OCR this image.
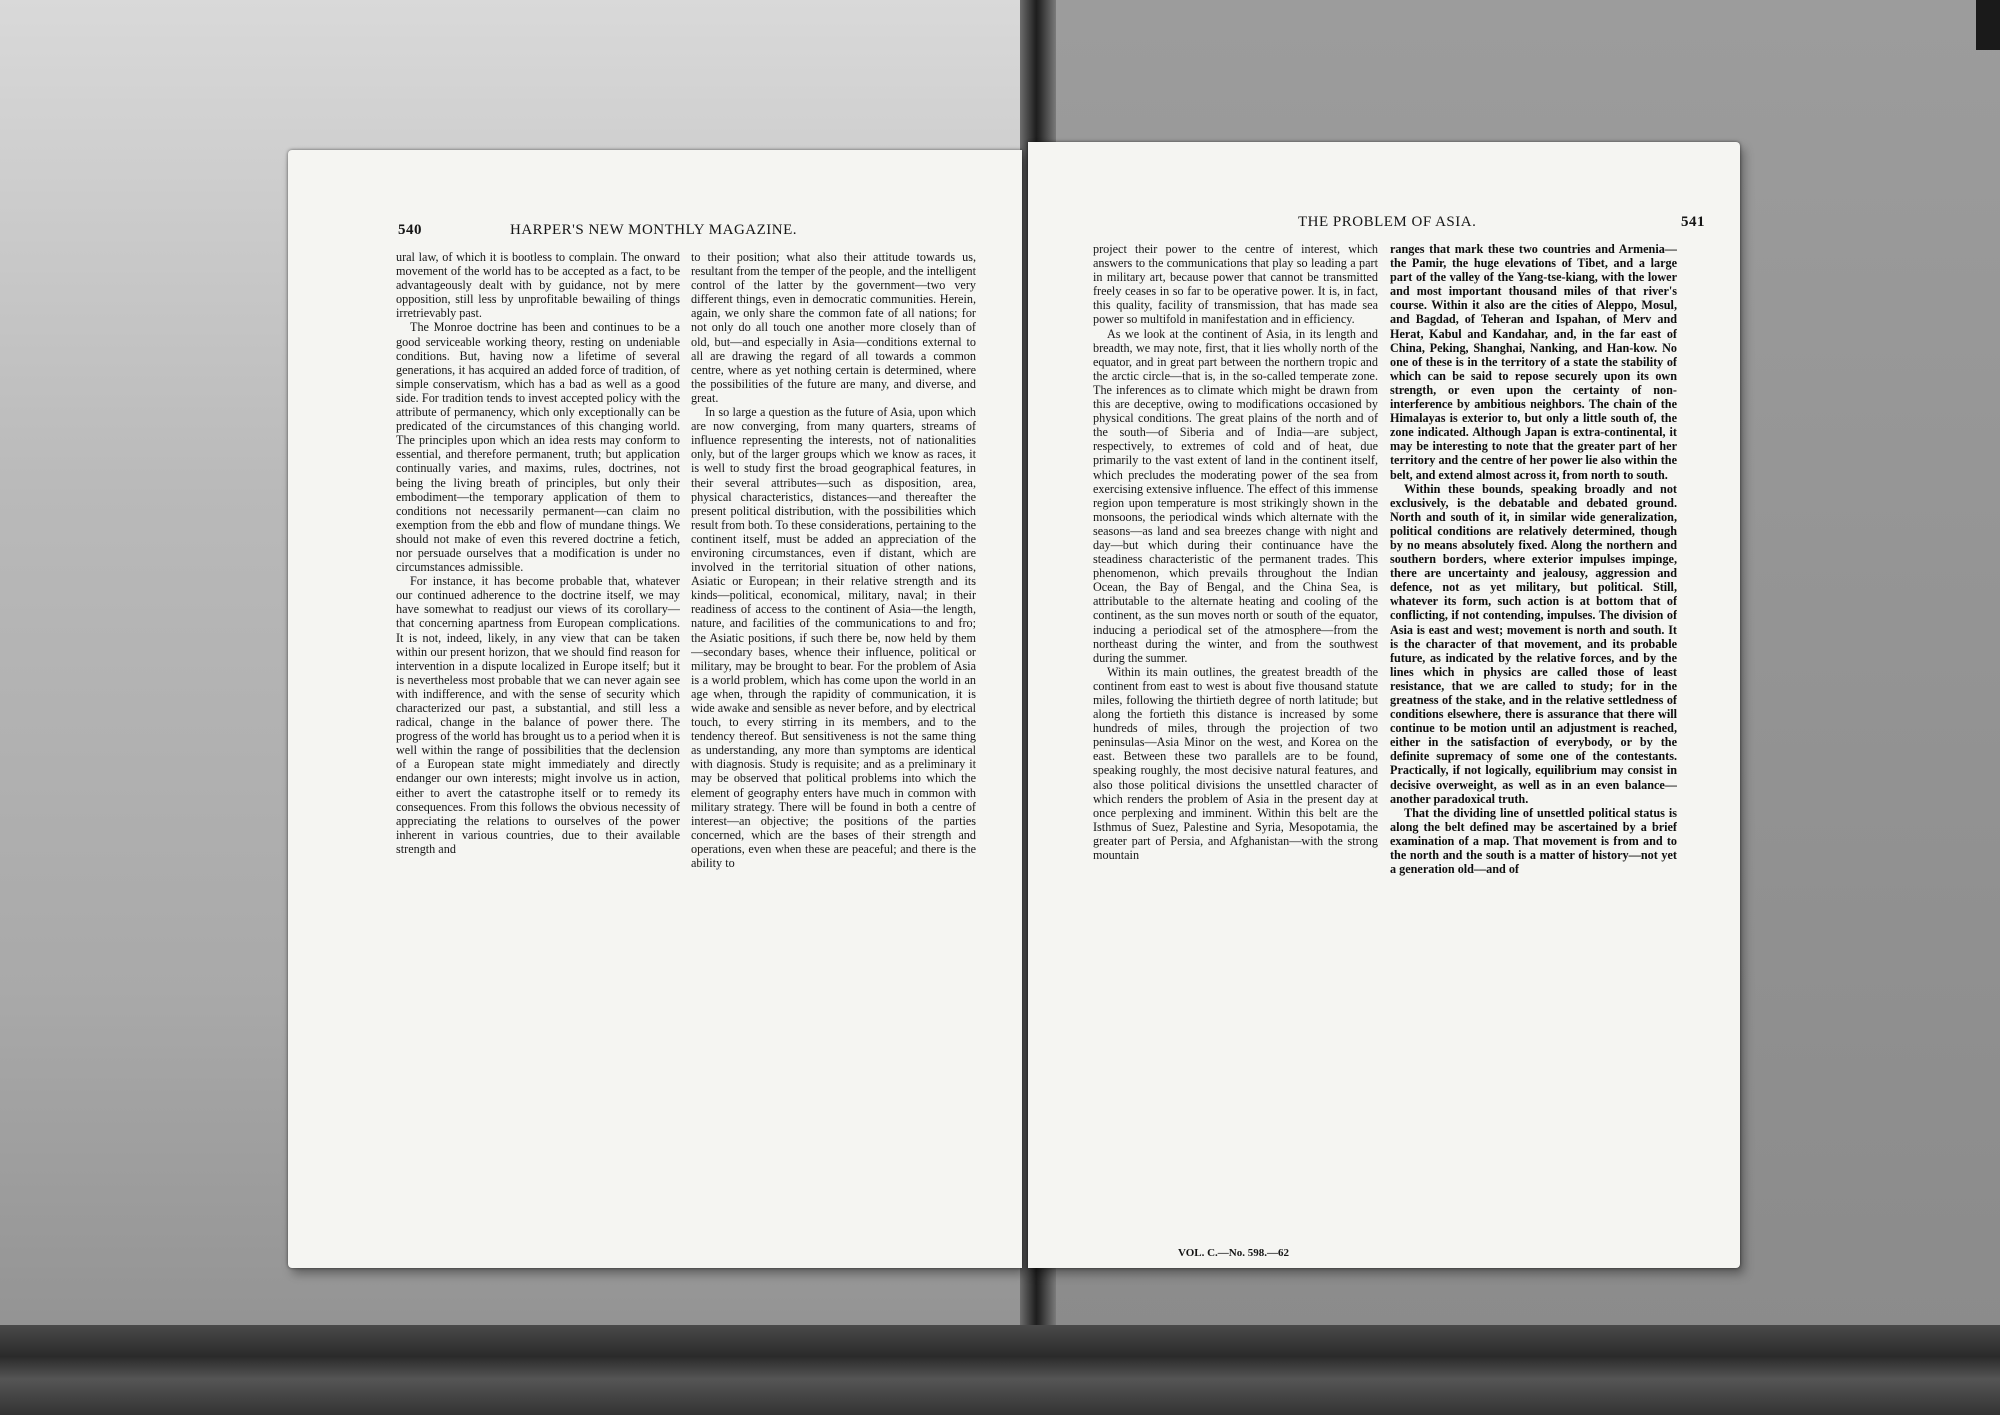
540	HARPER'S NEW MONTHLY MAGAZINE.

ural law, of which it is bootless to complain. The onward movement of the world has to be accepted as a fact, to be advantageously dealt with by guidance, not by mere opposition, still less by unprofitable bewailing of things irretrievably past.

The Monroe doctrine has been and continues to be a good serviceable working theory, resting on undeniable conditions. But, having now a lifetime of several generations, it has acquired an added force of tradition, of simple conservatism, which has a bad as well as a good side. For tradition tends to invest accepted policy with the attribute of permanency, which only exceptionally can be predicated of the circumstances of this changing world. The principles upon which an idea rests may conform to essential, and therefore permanent, truth; but application continually varies, and maxims, rules, doctrines, not being the living breath of principles, but only their embodiment—the temporary application of them to conditions not necessarily permanent—can claim no exemption from the ebb and flow of mundane things. We should not make of even this revered doctrine a fetich, nor persuade ourselves that a modification is under no circumstances admissible.

For instance, it has become probable that, whatever our continued adherence to the doctrine itself, we may have somewhat to readjust our views of its corollary—that concerning apartness from European complications. It is not, indeed, likely, in any view that can be taken within our present horizon, that we should find reason for intervention in a dispute localized in Europe itself; but it is nevertheless most probable that we can never again see with indifference, and with the sense of security which characterized our past, a substantial, and still less a radical, change in the balance of power there. The progress of the world has brought us to a period when it is well within the range of possibilities that the declension of a European state might immediately and directly endanger our own interests; might involve us in action, either to avert the catastrophe itself or to remedy its consequences. From this follows the obvious necessity of appreciating the relations to ourselves of the power inherent in various countries, due to their available strength and

to their position; what also their attitude towards us, resultant from the temper of the people, and the intelligent control of the latter by the government—two very different things, even in democratic communities. Herein, again, we only share the common fate of all nations; for not only do all touch one another more closely than of old, but—and especially in Asia—conditions external to all are drawing the regard of all towards a common centre, where as yet nothing certain is determined, where the possibilities of the future are many, and diverse, and great.

In so large a question as the future of Asia, upon which are now converging, from many quarters, streams of influence representing the interests, not of nationalities only, but of the larger groups which we know as races, it is well to study first the broad geographical features, in their several attributes—such as disposition, area, physical characteristics, distances—and thereafter the present political distribution, with the possibilities which result from both. To these considerations, pertaining to the continent itself, must be added an appreciation of the environing circumstances, even if distant, which are involved in the territorial situation of other nations, Asiatic or European; in their relative strength and its kinds—political, economical, military, naval; in their readiness of access to the continent of Asia—the length, nature, and facilities of the communications to and fro; the Asiatic positions, if such there be, now held by them—secondary bases, whence their influence, political or military, may be brought to bear. For the problem of Asia is a world problem, which has come upon the world in an age when, through the rapidity of communication, it is wide awake and sensible as never before, and by electrical touch, to every stirring in its members, and to the tendency thereof. But sensitiveness is not the same thing as understanding, any more than symptoms are identical with diagnosis. Study is requisite; and as a preliminary it may be observed that political problems into which the element of geography enters have much in common with military strategy. There will be found in both a centre of interest—an objective; the positions of the parties concerned, which are the bases of their strength and operations, even when these are peaceful; and there is the ability to

THE PROBLEM OF ASIA.	541

project their power to the centre of interest, which answers to the communications that play so leading a part in military art, because power that cannot be transmitted freely ceases in so far to be operative power. It is, in fact, this quality, facility of transmission, that has made sea power so multifold in manifestation and in efficiency.

As we look at the continent of Asia, in its length and breadth, we may note, first, that it lies wholly north of the equator, and in great part between the northern tropic and the arctic circle—that is, in the so-called temperate zone. The inferences as to climate which might be drawn from this are deceptive, owing to modifications occasioned by physical conditions. The great plains of the north and of the south—of Siberia and of India—are subject, respectively, to extremes of cold and of heat, due primarily to the vast extent of land in the continent itself, which precludes the moderating power of the sea from exercising extensive influence. The effect of this immense region upon temperature is most strikingly shown in the monsoons, the periodical winds which alternate with the seasons—as land and sea breezes change with night and day—but which during their continuance have the steadiness characteristic of the permanent trades. This phenomenon, which prevails throughout the Indian Ocean, the Bay of Bengal, and the China Sea, is attributable to the alternate heating and cooling of the continent, as the sun moves north or south of the equator, inducing a periodical set of the atmosphere—from the northeast during the winter, and from the southwest during the summer.

Within its main outlines, the greatest breadth of the continent from east to west is about five thousand statute miles, following the thirtieth degree of north latitude; but along the fortieth this distance is increased by some hundreds of miles, through the projection of two peninsulas—Asia Minor on the west, and Korea on the east. Between these two parallels are to be found, speaking roughly, the most decisive natural features, and also those political divisions the unsettled character of which renders the problem of Asia in the present day at once perplexing and imminent. Within this belt are the Isthmus of Suez, Palestine and Syria, Mesopotamia, the greater part of Persia, and Afghanistan—with the strong mountain

ranges that mark these two countries and Armenia—the Pamir, the huge elevations of Tibet, and a large part of the valley of the Yang-tse-kiang, with the lower and most important thousand miles of that river's course. Within it also are the cities of Aleppo, Mosul, and Bagdad, of Teheran and Ispahan, of Merv and Herat, Kabul and Kandahar, and, in the far east of China, Peking, Shanghai, Nanking, and Han-kow. No one of these is in the territory of a state the stability of which can be said to repose securely upon its own strength, or even upon the certainty of non-interference by ambitious neighbors. The chain of the Himalayas is exterior to, but only a little south of, the zone indicated. Although Japan is extra-continental, it may be interesting to note that the greater part of her territory and the centre of her power lie also within the belt, and extend almost across it, from north to south.

Within these bounds, speaking broadly and not exclusively, is the debatable and debated ground. North and south of it, in similar wide generalization, political conditions are relatively determined, though by no means absolutely fixed. Along the northern and southern borders, where exterior impulses impinge, there are uncertainty and jealousy, aggression and defence, not as yet military, but political. Still, whatever its form, such action is at bottom that of conflicting, if not contending, impulses. The division of Asia is east and west; movement is north and south. It is the character of that movement, and its probable future, as indicated by the relative forces, and by the lines which in physics are called those of least resistance, that we are called to study; for in the greatness of the stake, and in the relative settledness of conditions elsewhere, there is assurance that there will continue to be motion until an adjustment is reached, either in the satisfaction of everybody, or by the definite supremacy of some one of the contestants. Practically, if not logically, equilibrium may consist in decisive overweight, as well as in an even balance—another paradoxical truth.

That the dividing line of unsettled political status is along the belt defined may be ascertained by a brief examination of a map. That movement is from and to the north and the south is a matter of history—not yet a generation old—and of

VOL. C.—No. 598.—62
